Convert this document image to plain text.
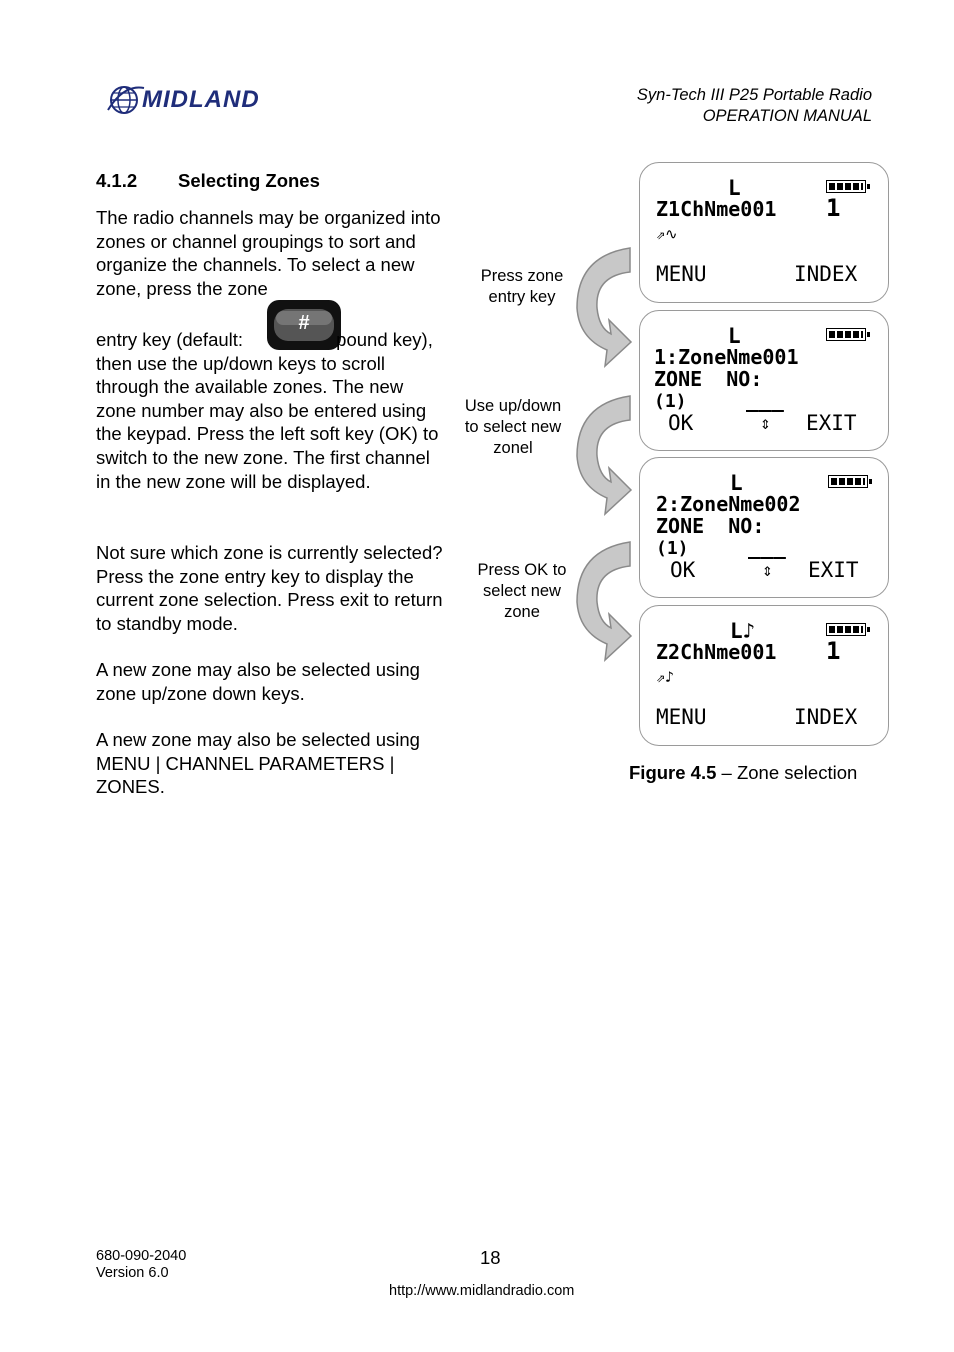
MIDLAND	Syn-Tech III P25 Portable Radio
OPERATION MANUAL
4.1.2 Selecting Zones
The radio channels may be organized into zones or channel groupings to sort and organize the channels. To select a new zone, press the zone
#
entry key (default:	pound key), then use the up/down keys to scroll through the available zones. The new zone number may also be entered using the keypad. Press the left soft key (OK) to switch to the new zone. The first channel in the new zone will be displayed.
Not sure which zone is currently selected? Press the zone entry key to display the current zone selection. Press exit to return to standby mode.
A new zone may also be selected using zone up/zone down keys.
A new zone may also be selected using MENU | CHANNEL PARAMETERS | ZONES.
Press zone entry key
Use up/down to select new zonel
Press OK to select new zone
L
Z1ChNme001 1
⇗∿
MENU	INDEX
L
1:ZoneNme001
ZONE  NO:
(1)	___
OK	⇕ EXIT
L
2:ZoneNme002
ZONE  NO:
(1)	___
OK	⇕ EXIT
L♪
Z2ChNme001 1
⇗♪
MENU	INDEX
Figure 4.5 – Zone selection
680-090-2040
Version 6.0
18
http://www.midlandradio.com
